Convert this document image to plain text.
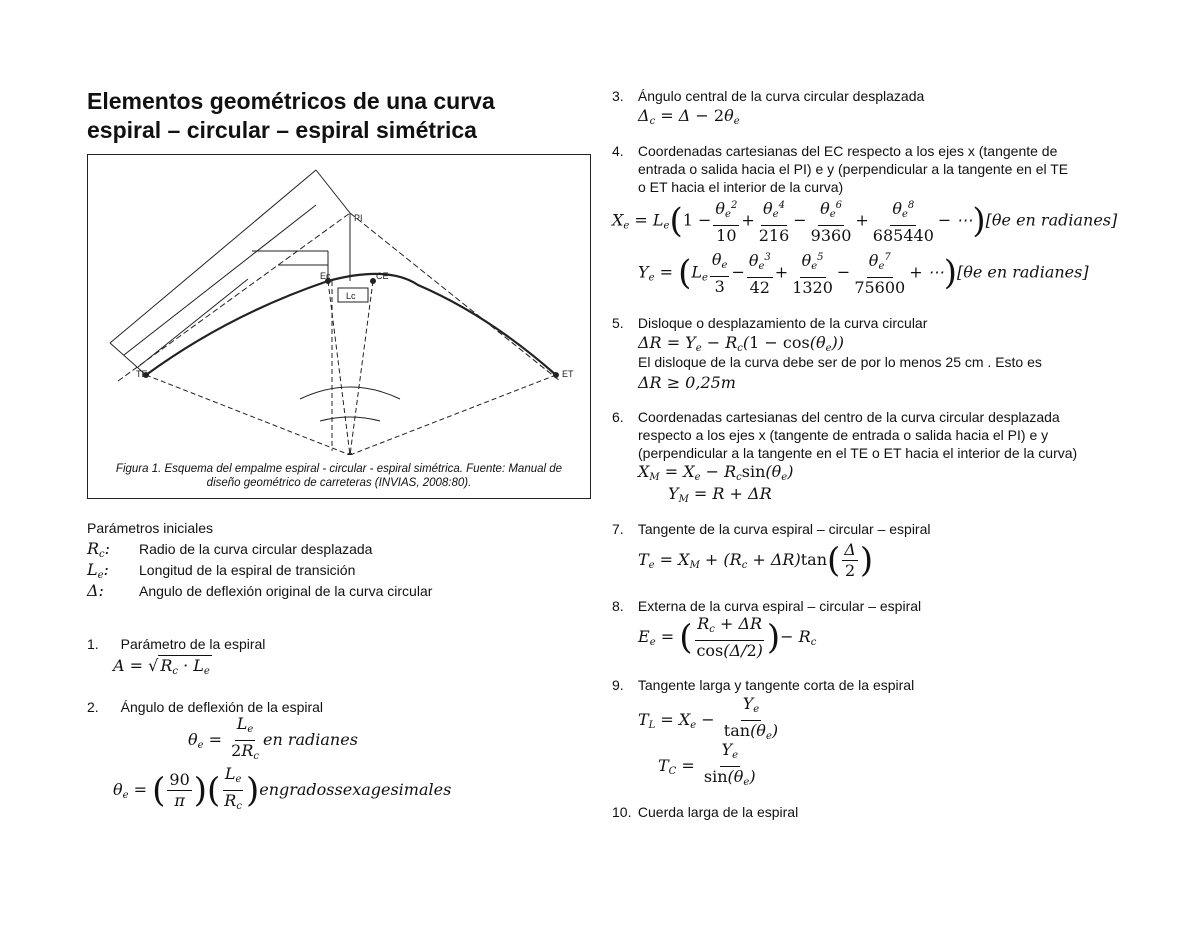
Elementos geométricos de una curva
espiral – circular – espiral simétrica
TE	ET
PI
Lc
Ec	CE
Figura 1. Esquema del empalme espiral - circular - espiral simétrica. Fuente: Manual de
diseño geométrico de carreteras (INVIAS, 2008:80).
Parámetros iniciales
$R_c$: Radio de la curva circular desplazada
$L_e$: Longitud de la espiral de transición
Δ:	Angulo de deflexión original de la curva circular
1. Parámetro de la espiral
A = √ $R_c \cdot L_e$
2. Ángulo de deflexión de la espiral
$\theta_e = \frac{L_e}{2R_c}$ en radianes
$\theta_e$ = ( $\frac{90}{\pi}$ )( $\frac{L_e}{R_c}$ )engradossexagesimales
3. Ángulo central de la curva circular desplazada
$\Delta_c = \Delta - 2\theta_e$
4. Coordenadas cartesianas del EC respecto a los ejes x (tangente de
entrada o salida hacia el PI) e y (perpendicular a la tangente en el TE
o ET hacia el interior de la curva)
$X_e = L_e(1 - \frac{\theta_e^2}{10} + \frac{\theta_e^4}{216} - \frac{\theta_e^6}{9360} + \frac{\theta_e^8}{685440}$ − ⋯)[θe en radianes]
$Y_e = (L_e \frac{\theta_e}{3} - \frac{\theta_e^3}{42} + \frac{\theta_e^5}{1320} - \frac{\theta_e^7}{75600}$ + ⋯)[θe en radianes]
5. Disloque o desplazamiento de la curva circular
$\Delta R = Y_e - R_c(1 - \cos(\theta_e))$
El disloque de la curva debe ser de por lo menos 25 cm . Esto es
ΔR ≥ 0,25m
6. Coordenadas cartesianas del centro de la curva circular desplazada
respecto a los ejes x (tangente de entrada o salida hacia el PI) e y
(perpendicular a la tangente en el TE o ET hacia el interior de la curva)
$X_M = X_e - R_c\sin(\theta_e)$
$Y_M = R + \Delta R$
7. Tangente de la curva espiral – circular – espiral
$T_e = X_M + (R_c + \Delta R)\tan( \frac{\Delta}{2}$ )
8. Externa de la curva espiral – circular – espiral
$E_e$ = ( $\frac{R_c + \Delta R}{\cos(\Delta/2)}$ )− $R_c$
9. Tangente larga y tangente corta de la espiral
$T_L = X_e - \frac{Y_e}{\tan(\theta_e)}$
$T_C = \frac{Y_e}{\sin(\theta_e)}$
10. Cuerda larga de la espiral
